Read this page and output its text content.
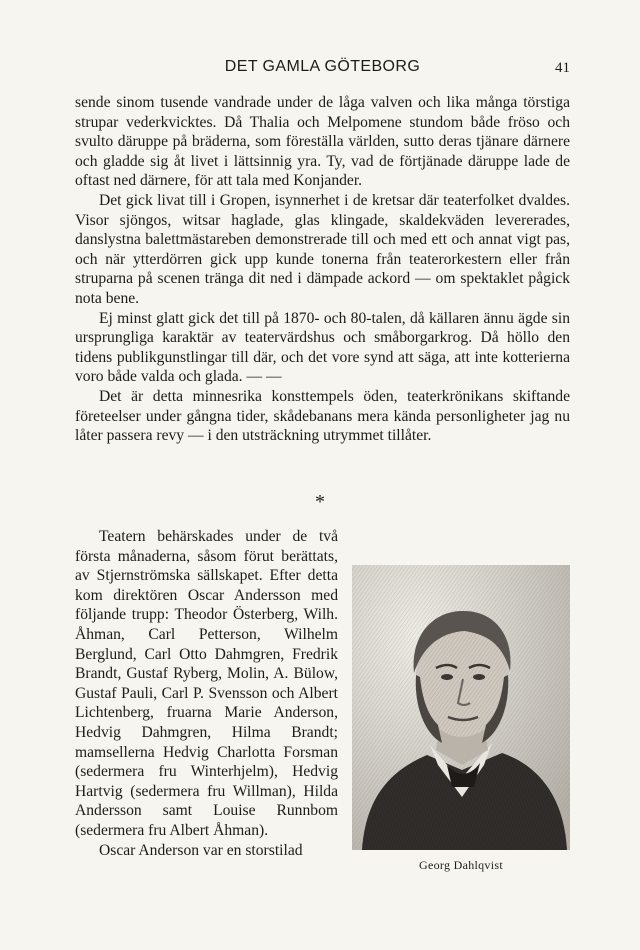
DET GAMLA GÖTEBORG	41

sende sinom tusende vandrade under de låga valven och lika många törstiga strupar vederkvicktes. Då Thalia och Melpomene stundom både fröso och svulto däruppe på bräderna, som föreställa världen, sutto deras tjänare därnere och gladde sig åt livet i lättsinnig yra. Ty, vad de förtjänade däruppe lade de oftast ned därnere, för att tala med Konjander.

Det gick livat till i Gropen, isynnerhet i de kretsar där teaterfolket dvaldes. Visor sjöngos, witsar haglade, glas klingade, skaldekväden levererades, danslystna balettmästareben demonstrerade till och med ett och annat vigt pas, och när ytterdörren gick upp kunde tonerna från teaterorkestern eller från struparna på scenen tränga dit ned i dämpade ackord — om spektaklet pågick nota bene.

Ej minst glatt gick det till på 1870- och 80-talen, då källaren ännu ägde sin ursprungliga karaktär av teatervärdshus och småborgarkrog. Då höllo den tidens publikgunstlingar till där, och det vore synd att säga, att inte kotterierna voro både valda och glada. — —

Det är detta minnesrika konsttempels öden, teaterkrönikans skiftande företeelser under gångna tider, skådebanans mera kända personligheter jag nu låter passera revy — i den utsträckning utrymmet tillåter.

*
Georg Dahlqvist

Teatern behärskades under de två första månaderna, såsom förut berättats, av Stjernströmska sällskapet. Efter detta kom direktören Oscar Andersson med följande trupp: Theodor Österberg, Wilh. Åhman, Carl Petterson, Wilhelm Berglund, Carl Otto Dahmgren, Fredrik Brandt, Gustaf Ryberg, Molin, A. Bülow, Gustaf Pauli, Carl P. Svensson och Albert Lichtenberg, fruarna Marie Anderson, Hedvig Dahmgren, Hilma Brandt; mamsellerna Hedvig Charlotta Forsman (sedermera fru Winterhjelm), Hedvig Hartvig (sedermera fru Willman), Hilda Andersson samt Louise Runnbom (sedermera fru Albert Åhman).

Oscar Anderson var en storstilad
